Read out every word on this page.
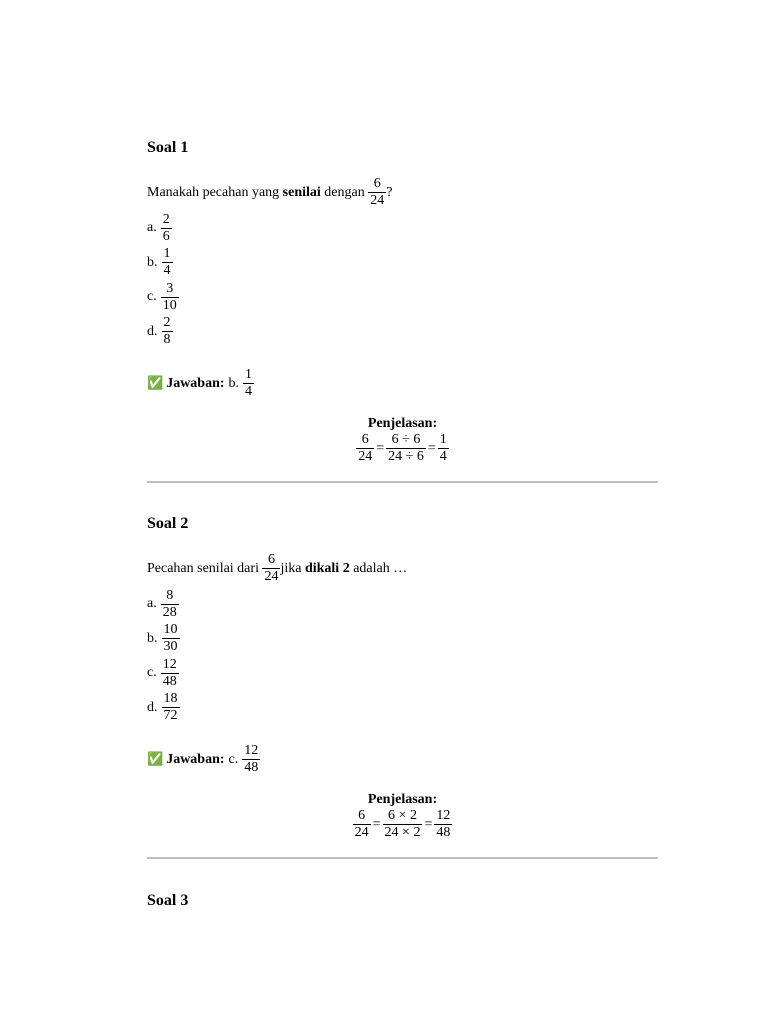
Soal 1
Manakah pecahan yang senilai dengan $\frac{6}{24}$ ?
a. $\frac{2}{6}$
b. $\frac{1}{4}$
c. $\frac{3}{10}$
d. $\frac{2}{8}$
✅ Jawaban: b. $\frac{1}{4}$
Penjelasan:
$\frac{6}{24} = \frac{6 \div 6}{24 \div 6} = \frac{1}{4}$
Soal 2
Pecahan senilai dari $\frac{6}{24}$ jika dikali 2 adalah …
a. $\frac{8}{28}$
b. $\frac{10}{30}$
c. $\frac{12}{48}$
d. $\frac{18}{72}$
✅ Jawaban: c. $\frac{12}{48}$
Penjelasan:
$\frac{6}{24} = \frac{6 \times 2}{24 \times 2} = \frac{12}{48}$
Soal 3
